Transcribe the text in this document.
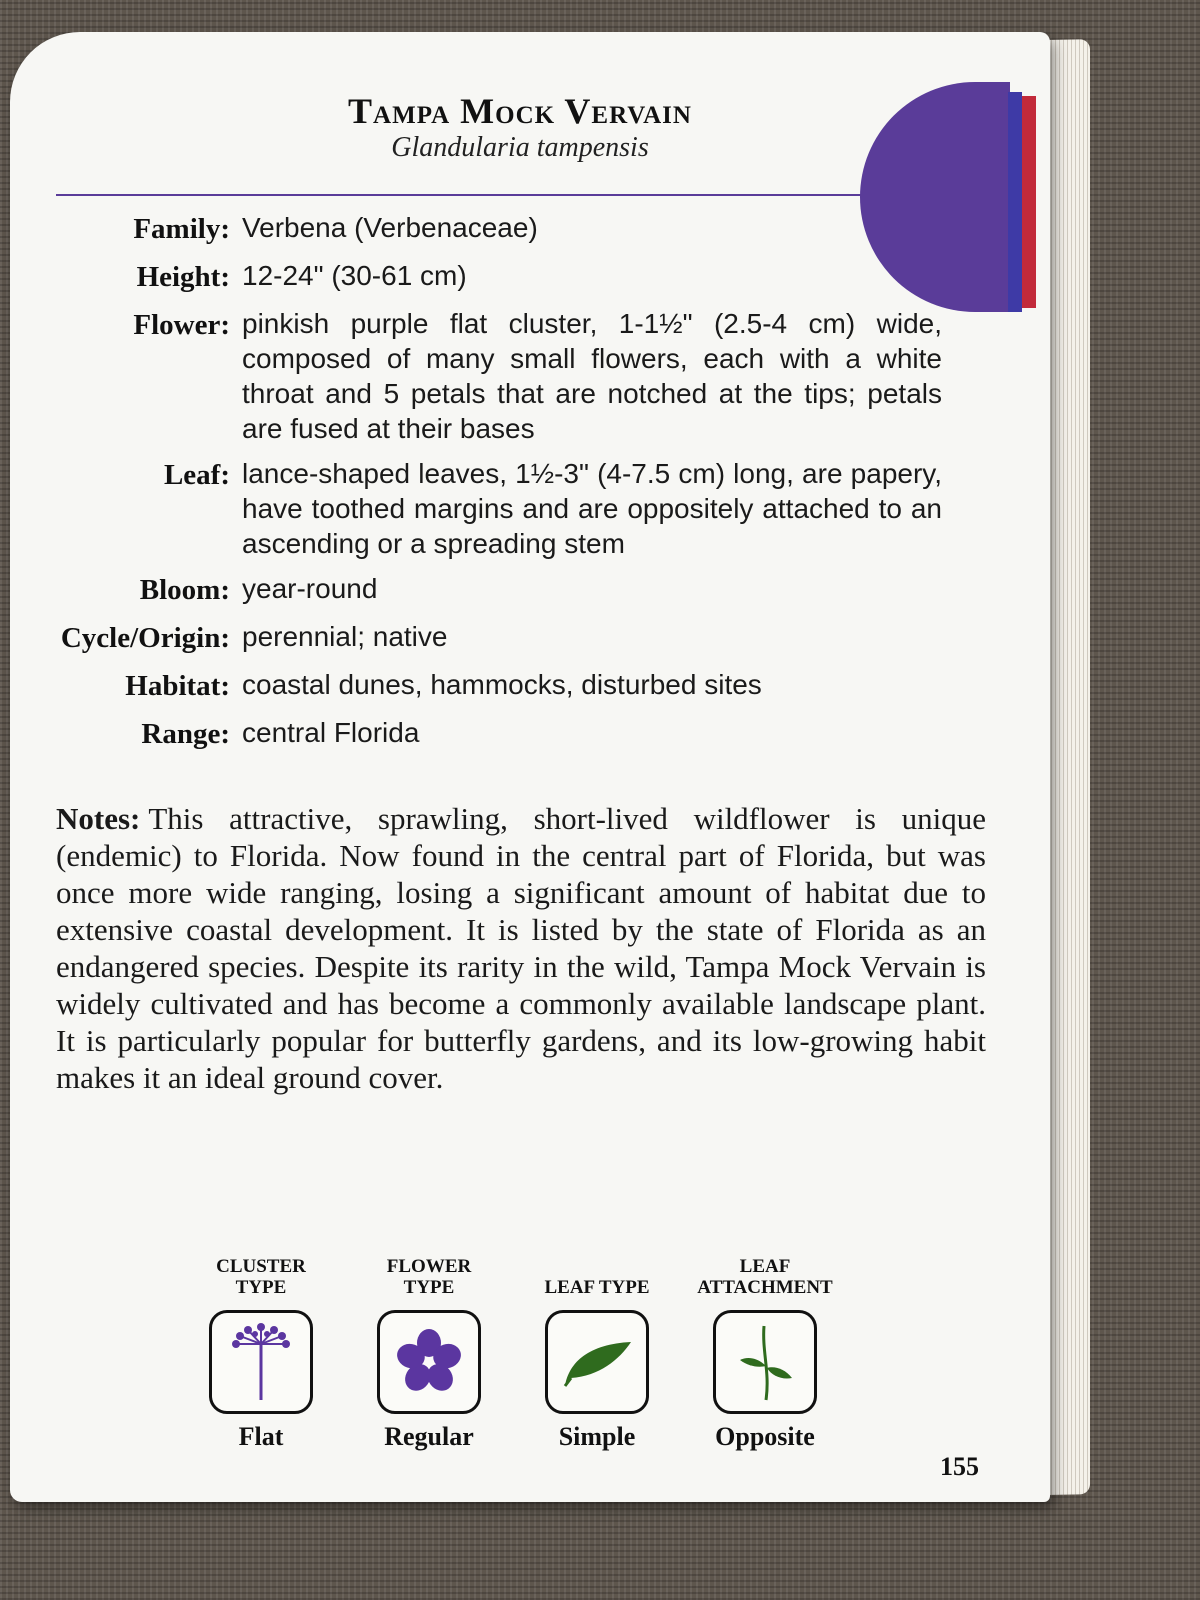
Tampa Mock Vervain
Glandularia tampensis
Family: Verbena (Verbenaceae)
Height: 12-24" (30-61 cm)
Flower: pinkish purple flat cluster, 1-1½" (2.5-4 cm) wide, composed of many small flowers, each with a white throat and 5 petals that are notched at the tips; petals are fused at their bases
Leaf: lance-shaped leaves, 1½-3" (4-7.5 cm) long, are papery, have toothed margins and are oppositely attached to an ascending or a spreading stem
Bloom: year-round
Cycle/Origin: perennial; native
Habitat: coastal dunes, hammocks, disturbed sites
Range: central Florida
Notes: This attractive, sprawling, short-lived wildflower is unique (endemic) to Florida. Now found in the central part of Florida, but was once more wide ranging, losing a significant amount of habitat due to extensive coastal development. It is listed by the state of Florida as an endangered species. Despite its rarity in the wild, Tampa Mock Vervain is widely cultivated and has become a commonly available landscape plant. It is particularly popular for butterfly gardens, and its low-growing habit makes it an ideal ground cover.
CLUSTER TYPE
Flat
FLOWER TYPE
Regular
LEAF TYPE
Simple
LEAF ATTACHMENT
Opposite
155
